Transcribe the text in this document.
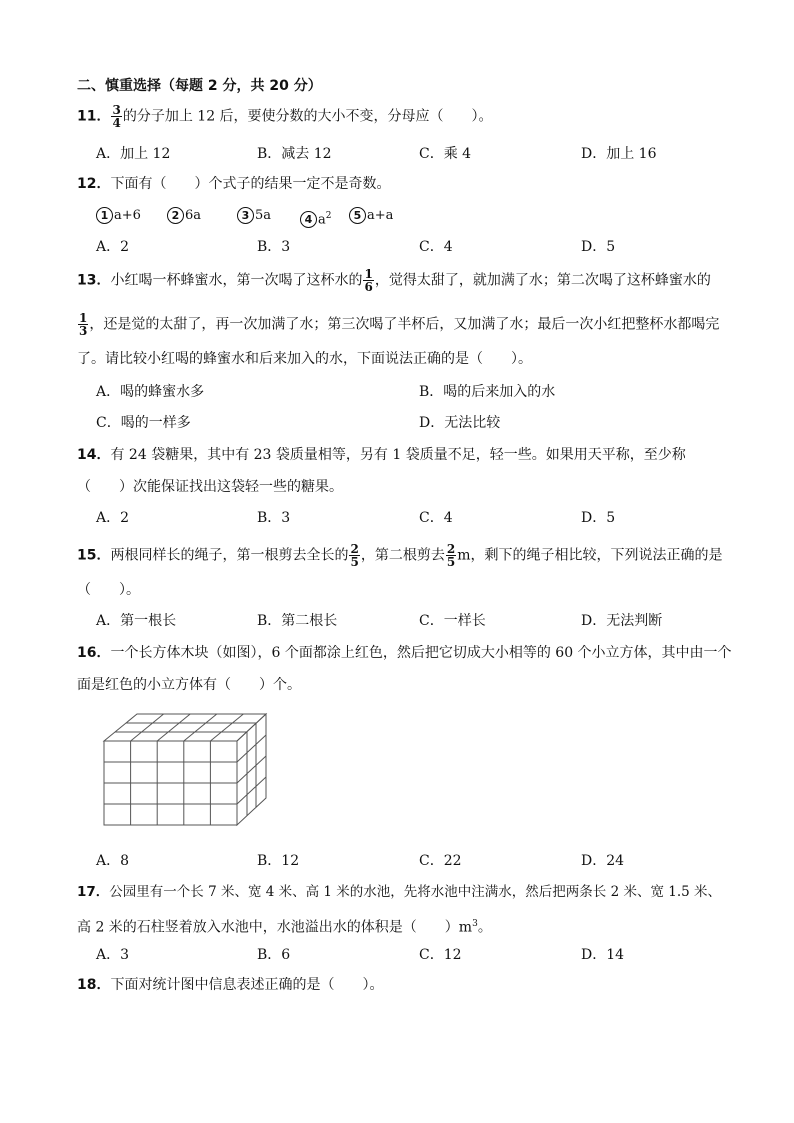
二、慎重选择（每题 2 分，共 20 分）
11． $\frac{3}{4}$ 的分子加上 12 后，要使分数的大小不变，分母应（　　）。
A．加上 12	B．减去 12	C．乘 4	D．加上 16
12．下面有（　　）个式子的结果一定不是奇数。
1 a+6	2 6a	3 5a	4 $a^2$	5 a+a
A．2	B．3	C．4	D．5
13．小红喝一杯蜂蜜水，第一次喝了这杯水的 $\frac{1}{6}$ ，觉得太甜了，就加满了水；第二次喝了这杯蜂蜜水的
$\frac{1}{3}$ ，还是觉的太甜了，再一次加满了水；第三次喝了半杯后，又加满了水；最后一次小红把整杯水都喝完
了。请比较小红喝的蜂蜜水和后来加入的水，下面说法正确的是（　　）。
A．喝的蜂蜜水多	B．喝的后来加入的水
C．喝的一样多	D．无法比较
14．有 24 袋糖果，其中有 23 袋质量相等，另有 1 袋质量不足，轻一些。如果用天平称，至少称
（　　）次能保证找出这袋轻一些的糖果。
A．2	B．3	C．4	D．5
15．两根同样长的绳子，第一根剪去全长的 $\frac{2}{5}$ ，第二根剪去 $\frac{2}{5}$ m，剩下的绳子相比较，下列说法正确的是
（　　）。
A．第一根长	B．第二根长	C．一样长	D．无法判断
16．一个长方体木块（如图），6 个面都涂上红色，然后把它切成大小相等的 60 个小立方体，其中由一个
面是红色的小立方体有（　　）个。
A．8	B．12	C．22	D．24
17．公园里有一个长 7 米、宽 4 米、高 1 米的水池，先将水池中注满水，然后把两条长 2 米、宽 1.5 米、
高 2 米的石柱竖着放入水池中，水池溢出水的体积是（　　）$m^3$。
A．3	B．6	C．12	D．14
18．下面对统计图中信息表述正确的是（　　）。
